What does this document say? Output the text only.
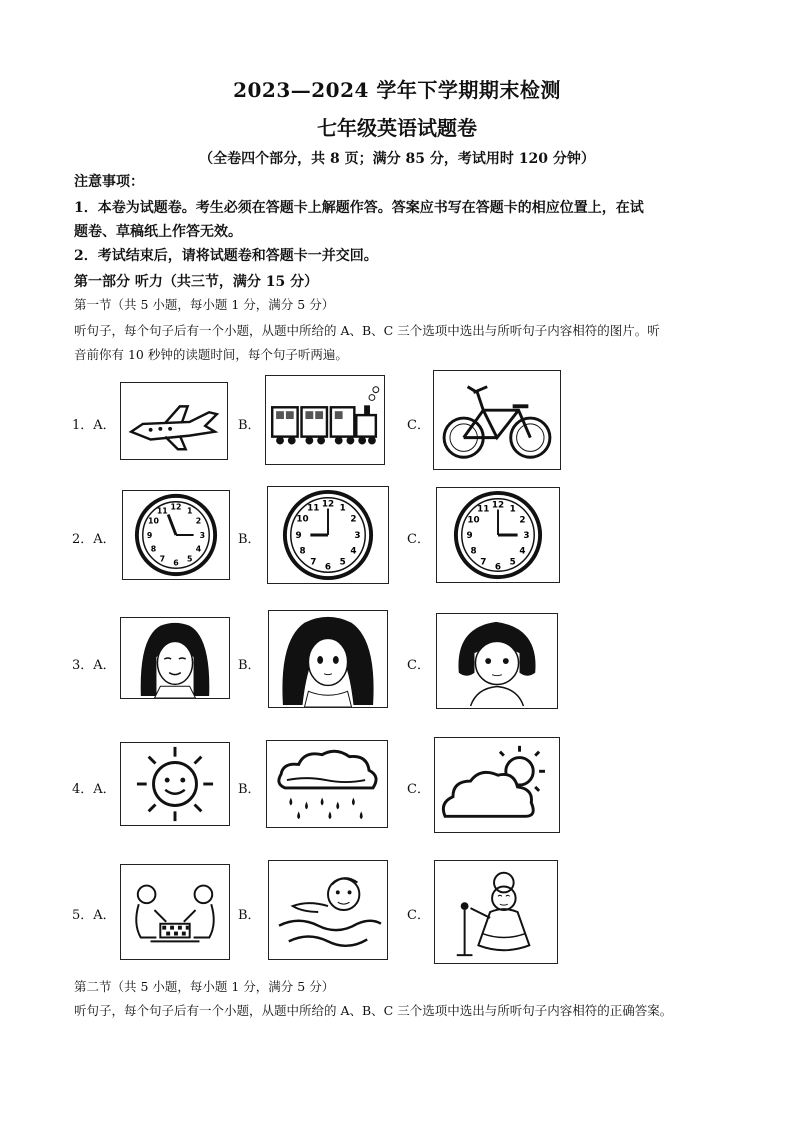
2023—2024 学年下学期期末检测
七年级英语试题卷
（全卷四个部分，共 8 页；满分 85 分，考试用时 120 分钟）
注意事项：
1．本卷为试题卷。考生必须在答题卡上解题作答。答案应书写在答题卡的相应位置上，在试
题卷、草稿纸上作答无效。
2．考试结束后，请将试题卷和答题卡一并交回。
第一部分 听力（共三节，满分 15 分）
第一节（共 5 小题，每小题 1 分，满分 5 分）
听句子，每个句子后有一个小题，从题中所给的 A、B、C 三个选项中选出与所听句子内容相符的图片。听
音前你有 10 秒钟的读题时间，每个句子听两遍。
1．A．	B．	C．
2．A．
12 1
2
3
4
5
6
7
8
9
10
11
B．
12 1
2
3
4
5
6
7
8
9
10
11
C．
12 1
2
3
4
5
6
7
8
9
10
11
3．A．	B．	C．
4．A．	B．	C．
5．A．	B．	C．
第二节（共 5 小题，每小题 1 分，满分 5 分）
听句子，每个句子后有一个小题，从题中所给的 A、B、C 三个选项中选出与所听句子内容相符的正确答案。
